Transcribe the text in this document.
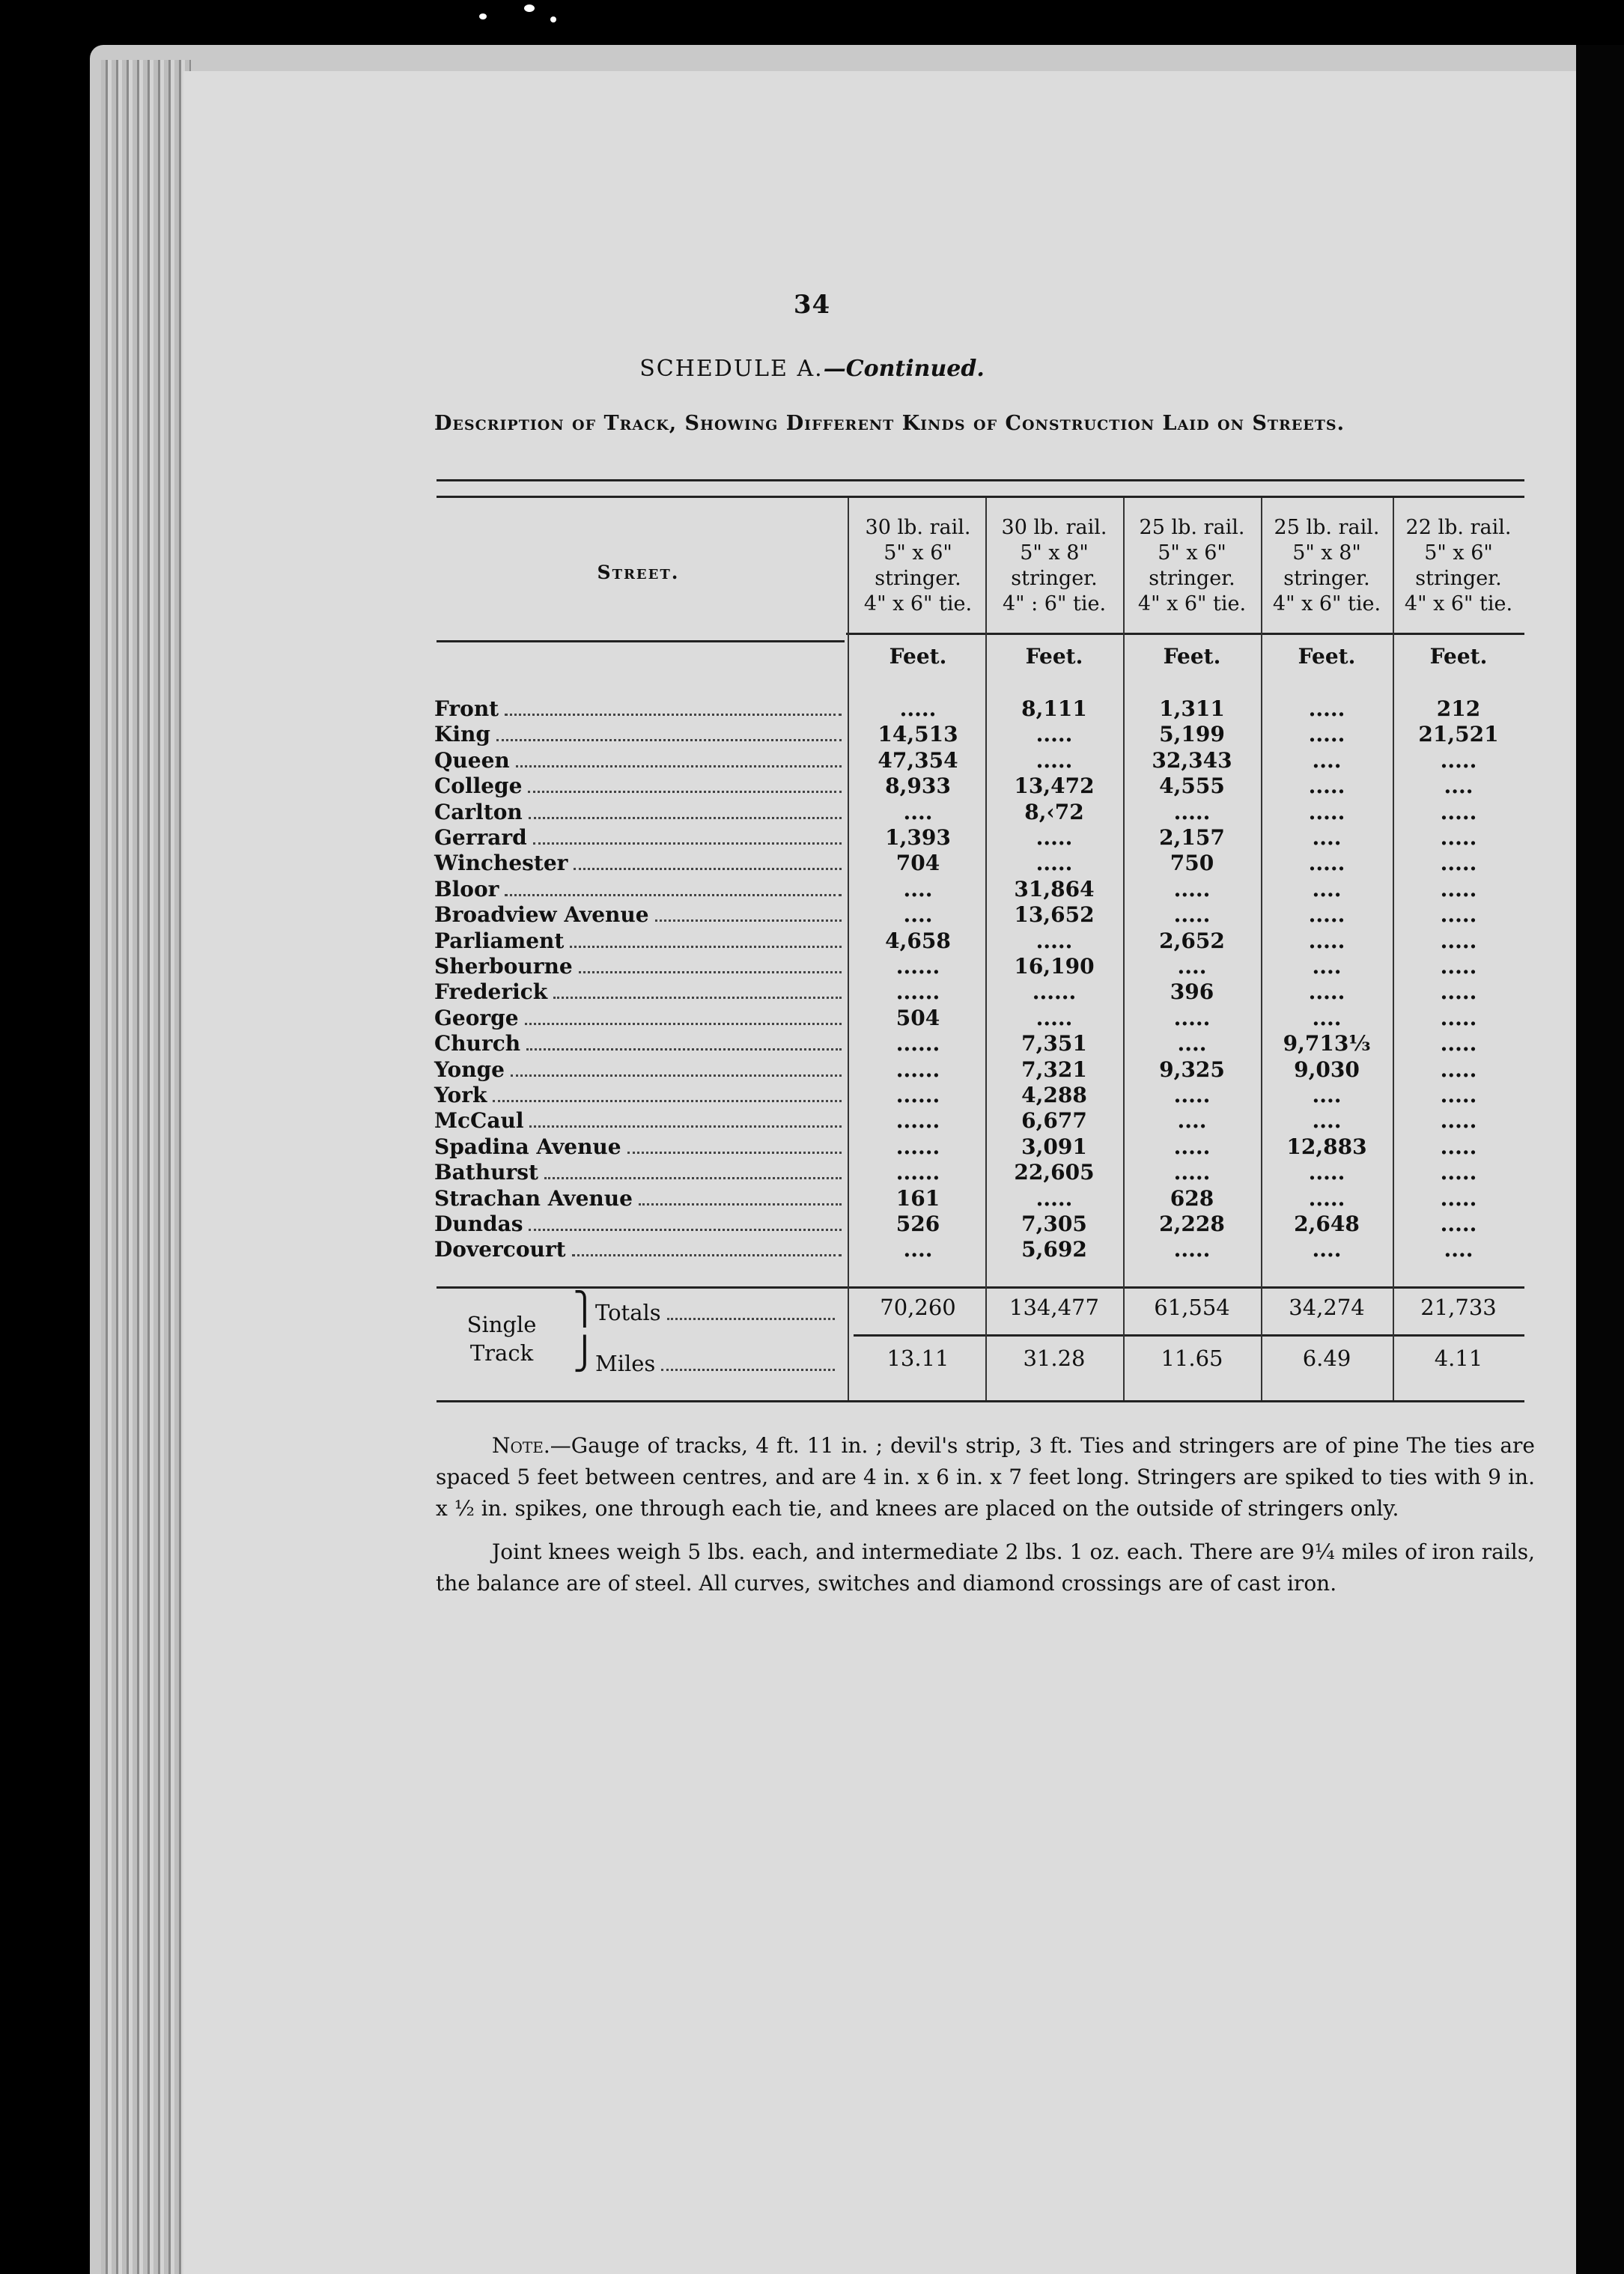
34
SCHEDULE A.—Continued.
Description of Track, Showing Different Kinds of Construction Laid on Streets.
Street.
30 lb. rail.
5" x 6"
stringer.
4" x 6" tie.
Feet.
30 lb. rail.
5" x 8"
stringer.
4" : 6" tie.
Feet.
25 lb. rail.
5" x 6"
stringer.
4" x 6" tie.
Feet.
25 lb. rail.
5" x 8"
stringer.
4" x 6" tie.
Feet.
22 lb. rail.
5" x 6"
stringer.
4" x 6" tie.
Feet.
Front	.....	8,111	1,311	.....	212
King	14,513	.....	5,199	.....	21,521
Queen	47,354	.....	32,343	....	.....
College	8,933	13,472	4,555	.....	....
Carlton	....	8,‹72	.....	.....	.....
Gerrard	1,393	.....	2,157	....	.....
Winchester	704	.....	750	.....	.....
Bloor	....	31,864	.....	....	.....
Broadview Avenue	....	13,652	.....	.....	.....
Parliament	4,658	.....	2,652	.....	.....
Sherbourne	......	16,190	....	....	.....
Frederick	......	......	396	.....	.....
George	504	.....	.....	....	.....
Church	......	7,351	....	9,713⅓	.....
Yonge	......	7,321	9,325	9,030	.....
York	......	4,288	.....	....	.....
McCaul	......	6,677	....	....	.....
Spadina Avenue	......	3,091	.....	12,883	.....
Bathurst	......	22,605	.....	.....	.....
Strachan Avenue	161	.....	628	.....	.....
Dundas	526	7,305	2,228	2,648	.....
Dovercourt	....	5,692	.....	....	....
Single
Track
⎫
⎭
Totals
Miles
70,260	134,477	61,554	34,274	21,733
13.11	31.28	11.65	6.49	4.11

Note.—Gauge of tracks, 4 ft. 11 in. ; devil's strip, 3 ft. Ties and stringers are of pine The ties are spaced 5 feet between centres, and are 4 in. x 6 in. x 7 feet long. Stringers are spiked to ties with 9 in. x ½ in. spikes, one through each tie, and knees are placed on the outside of stringers only.

Joint knees weigh 5 lbs. each, and intermediate 2 lbs. 1 oz. each. There are 9¼ miles of iron rails, the balance are of steel. All curves, switches and diamond crossings are of cast iron.
